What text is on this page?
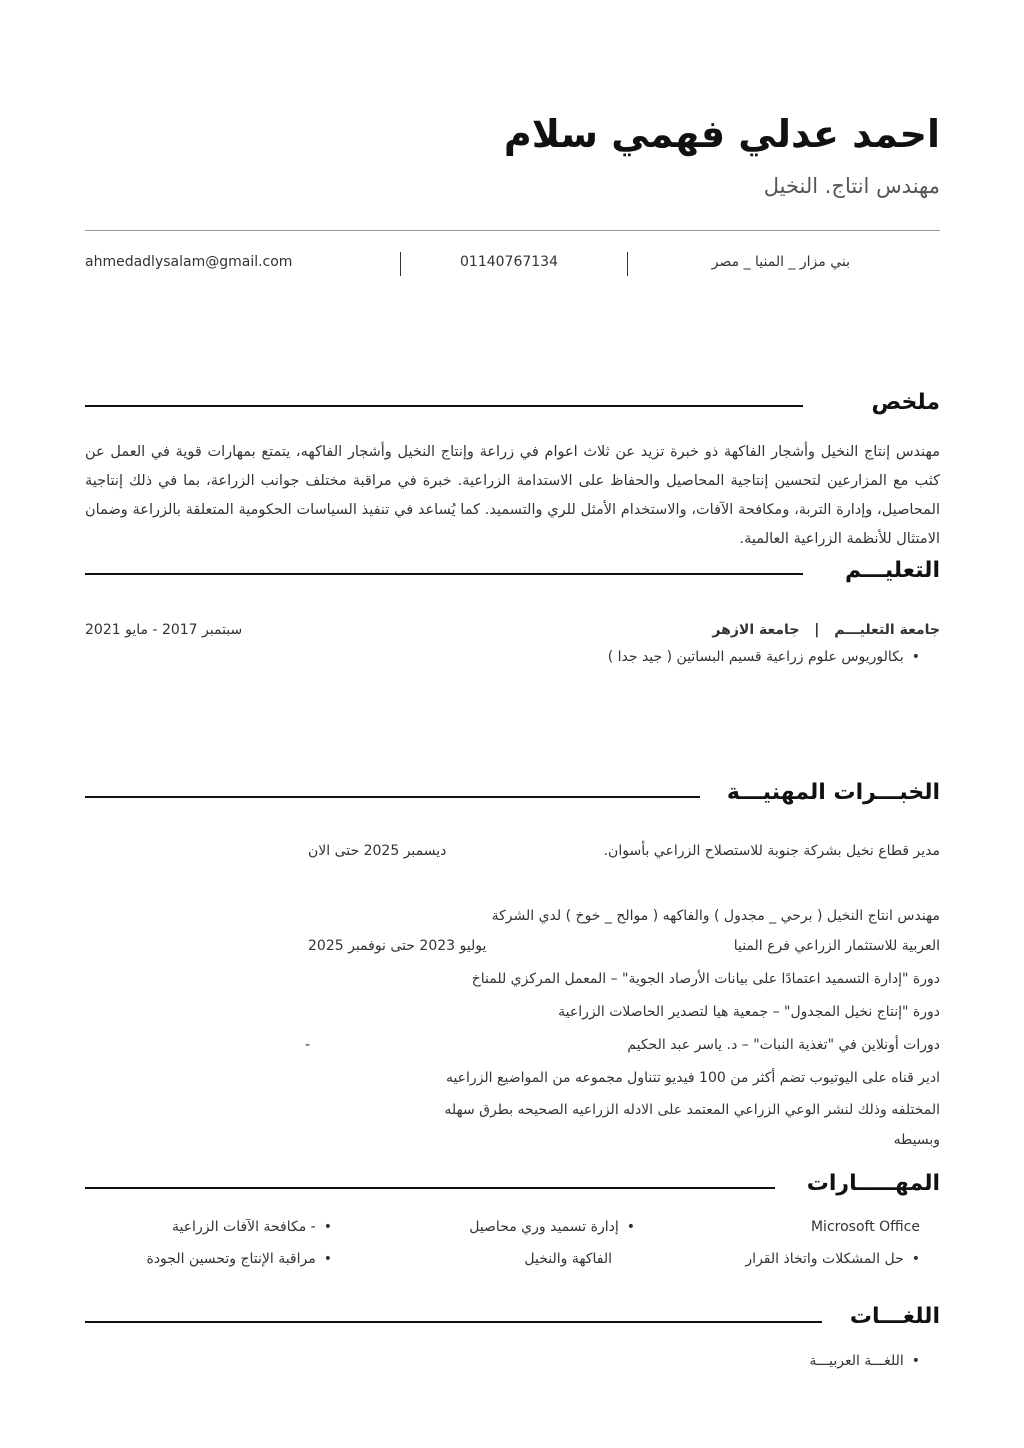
احمد عدلي فهمي سلام
مهندس انتاج. النخيل
ahmedadlysalam@gmail.com	01140767134	بني مزار _ المنيا _ مصر
ملخص
مهندس إنتاج النخيل وأشجار الفاكهة ذو خبرة تزيد عن ثلاث اعوام في زراعة وإنتاج النخيل وأشجار الفاكهه، يتمتع بمهارات قوية في العمل عن كثب مع المزارعين لتحسين إنتاجية المحاصيل والحفاظ على الاستدامة الزراعية. خبرة في مراقبة مختلف جوانب الزراعة، بما في ذلك إنتاجية المحاصيل، وإدارة التربة، ومكافحة الآفات، والاستخدام الأمثل للري والتسميد. كما يُساعد في تنفيذ السياسات الحكومية المتعلقة بالزراعة وضمان الامتثال للأنظمة الزراعية العالمية.
التعليـــم
جامعة التعليـــم | جامعة الازهر
سبتمبر 2017 - مايو 2021
• بكالوريوس علوم زراعية قسيم البساتين ( جيد جدا )
الخبـــرات المهنيـــة
مدير قطاع نخيل بشركة جنوبة للاستصلاح الزراعي بأسوان.
ديسمبر 2025 حتى الان
مهندس انتاج النخيل ( برحي _ مجدول ) والفاكهه ( موالح _ خوخ ) لدي الشركة
العربية للاستثمار الزراعي فرع المنيا
يوليو 2023 حتى نوفمبر 2025
دورة "إدارة التسميد اعتمادًا على بيانات الأرصاد الجوية" – المعمل المركزي للمناخ
دورة "إنتاج نخيل المجدول" – جمعية هيا لتصدير الحاصلات الزراعية
دورات أونلاين في "تغذية النبات" – د. ياسر عبد الحكيم
-
ادير قناه على اليوتيوب تضم أكثر من 100 فيديو تتناول مجموعه من المواضيع الزراعيه
المختلفه وذلك لنشر الوعي الزراعي المعتمد على الادله الزراعيه الصحيحه بطرق سهله
وبسيطه
المهـــــارات
Microsoft Office
• إدارة تسميد وري محاصيل
• - مكافحة الآفات الزراعية
• حل المشكلات واتخاذ القرار
الفاكهة والنخيل
• مراقبة الإنتاج وتحسين الجودة
اللغـــات
• اللغـــة العربيـــة
